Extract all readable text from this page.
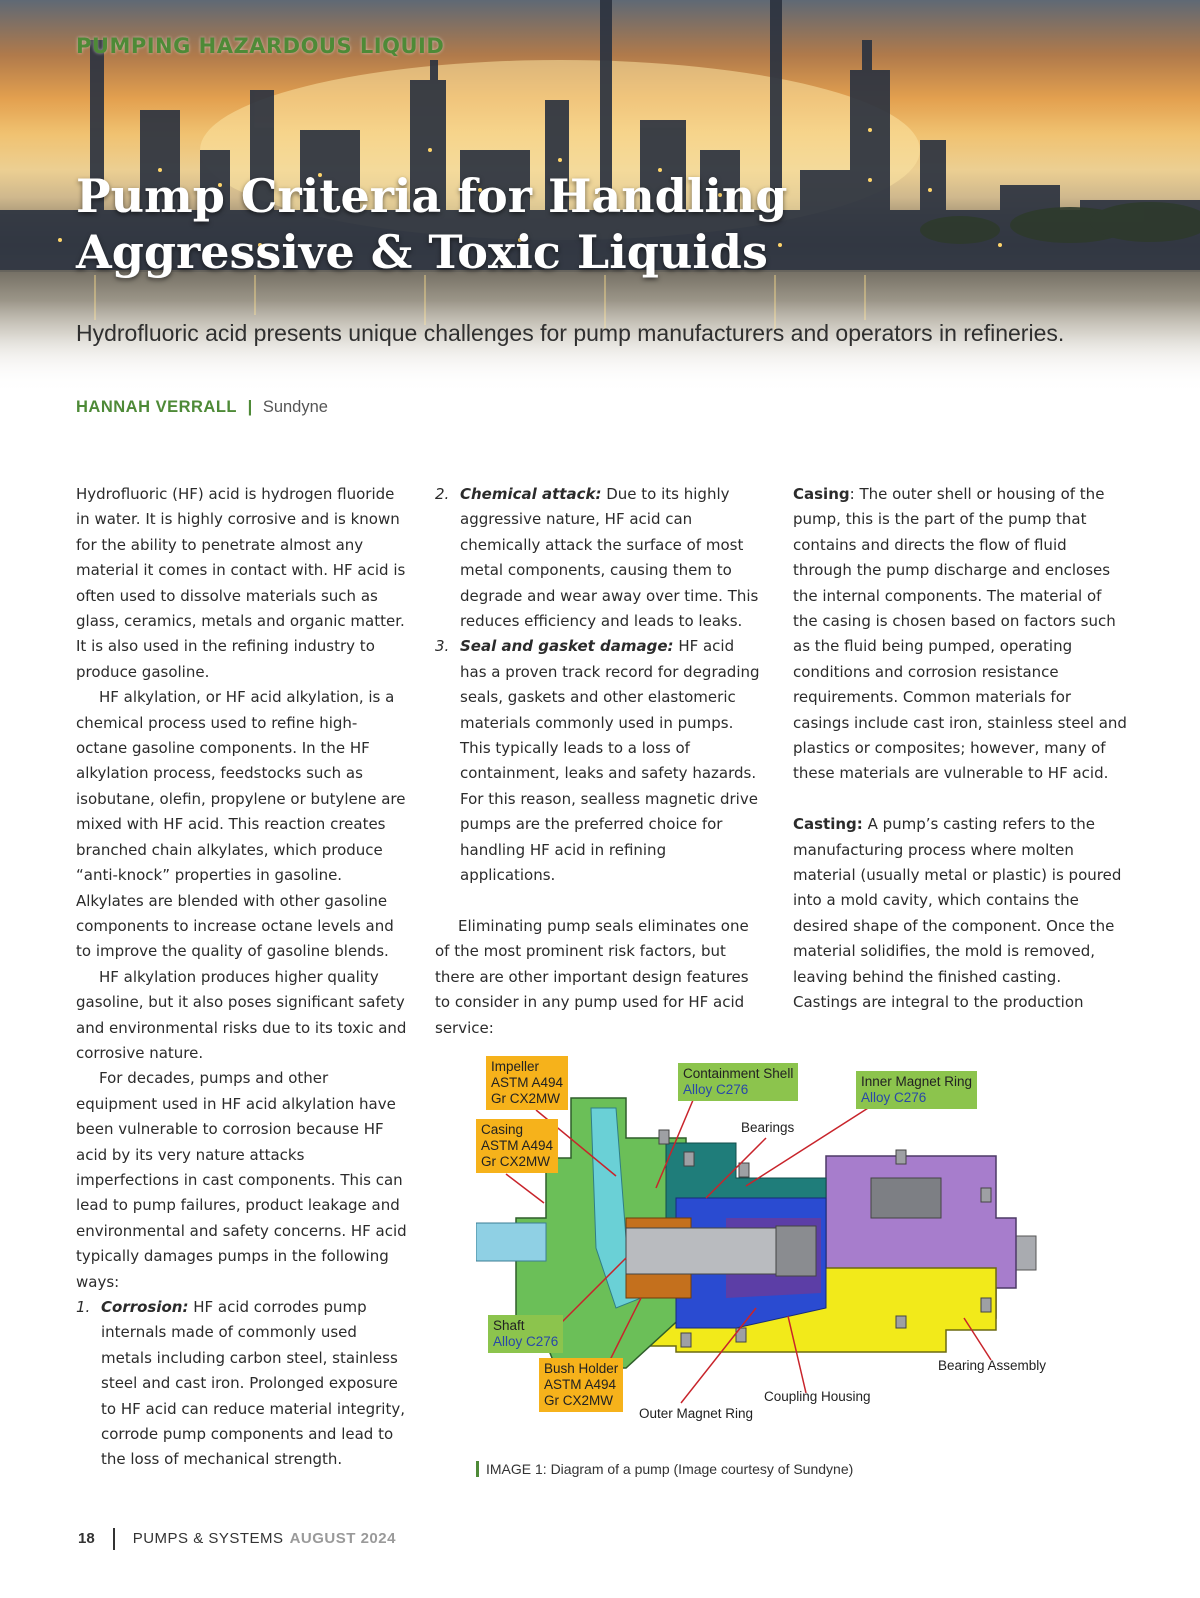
PUMPING HAZARDOUS LIQUID

Pump Criteria for Handling Aggressive & Toxic Liquids

Hydrofluoric acid presents unique challenges for pump manufacturers and operators in refineries.

HANNAH VERRALL | Sundyne

Hydrofluoric (HF) acid is hydrogen fluoride in water. It is highly corrosive and is known for the ability to penetrate almost any material it comes in contact with. HF acid is often used to dissolve materials such as glass, ceramics, metals and organic matter. It is also used in the refining industry to produce gasoline.

HF alkylation, or HF acid alkylation, is a chemical process used to refine high-octane gasoline components. In the HF alkylation process, feedstocks such as isobutane, olefin, propylene or butylene are mixed with HF acid. This reaction creates branched chain alkylates, which produce “anti-knock” properties in gasoline. Alkylates are blended with other gasoline components to increase octane levels and to improve the quality of gasoline blends.

HF alkylation produces higher quality gasoline, but it also poses significant safety and environmental risks due to its toxic and corrosive nature.

For decades, pumps and other equipment used in HF acid alkylation have been vulnerable to corrosion because HF acid by its very nature attacks imperfections in cast components. This can lead to pump failures, product leakage and environmental and safety concerns. HF acid typically damages pumps in the following ways:

1. Corrosion: HF acid corrodes pump internals made of commonly used metals including carbon steel, stainless steel and cast iron. Prolonged exposure to HF acid can reduce material integrity, corrode pump components and lead to the loss of mechanical strength.

2. Chemical attack: Due to its highly aggressive nature, HF acid can chemically attack the surface of most metal components, causing them to degrade and wear away over time. This reduces efficiency and leads to leaks.

3. Seal and gasket damage: HF acid has a proven track record for degrading seals, gaskets and other elastomeric materials commonly used in pumps. This typically leads to a loss of containment, leaks and safety hazards. For this reason, sealless magnetic drive pumps are the preferred choice for handling HF acid in refining applications.

Eliminating pump seals eliminates one of the most prominent risk factors, but there are other important design features to consider in any pump used for HF acid service:

Casing: The outer shell or housing of the pump, this is the part of the pump that contains and directs the flow of fluid through the pump discharge and encloses the internal components. The material of the casing is chosen based on factors such as the fluid being pumped, operating conditions and corrosion resistance requirements. Common materials for casings include cast iron, stainless steel and plastics or composites; however, many of these materials are vulnerable to HF acid.

Casting: A pump’s casting refers to the manufacturing process where molten material (usually metal or plastic) is poured into a mold cavity, which contains the desired shape of the component. Once the material solidifies, the mold is removed, leaving behind the finished casting. Castings are integral to the production

Impeller
ASTM A494
Gr CX2MW
Casing
ASTM A494
Gr CX2MW
Containment Shell
Alloy C276
Inner Magnet Ring
Alloy C276
Bearings
Shaft
Alloy C276
Bush Holder
ASTM A494
Gr CX2MW
Outer Magnet Ring
Coupling Housing
Bearing Assembly

IMAGE 1: Diagram of a pump (Image courtesy of Sundyne)

18	PUMPS & SYSTEMS AUGUST 2024
